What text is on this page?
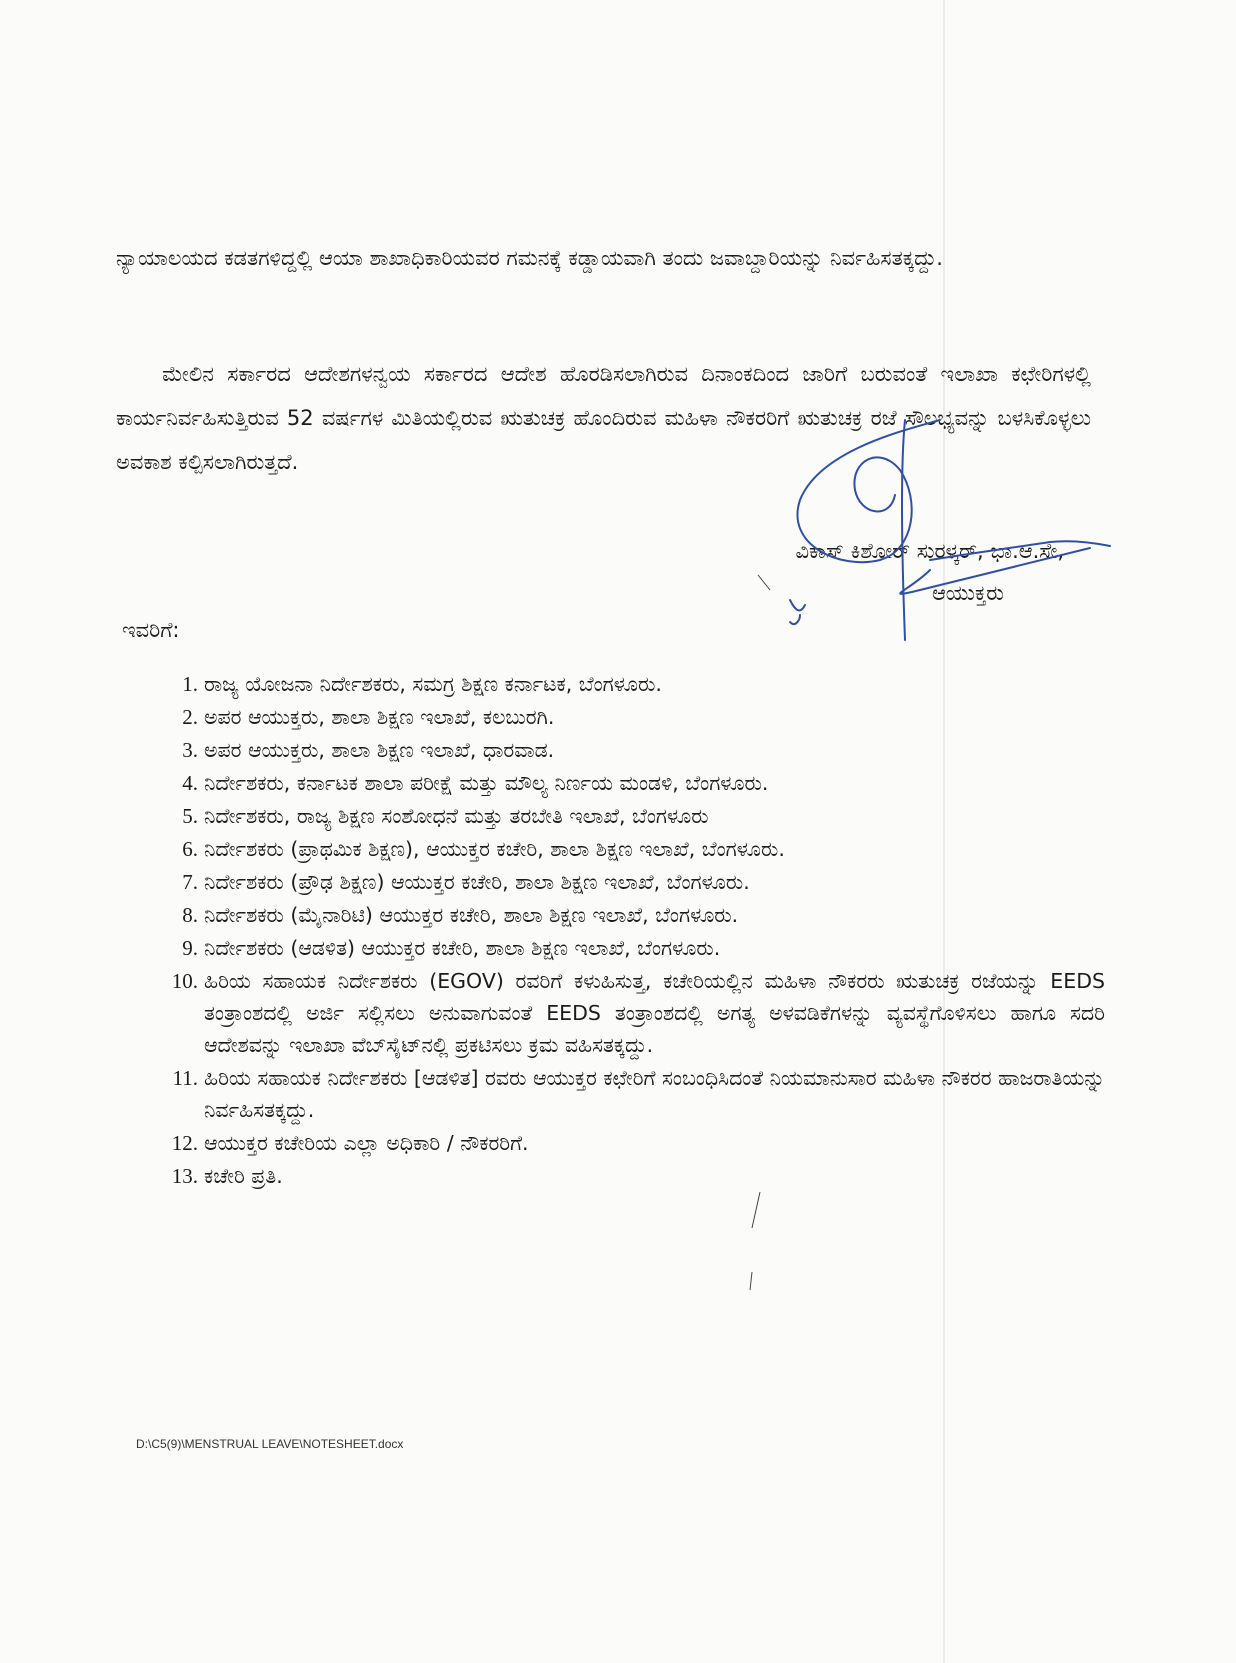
ನ್ಯಾಯಾಲಯದ ಕಡತಗಳಿದ್ದಲ್ಲಿ ಆಯಾ ಶಾಖಾಧಿಕಾರಿಯವರ ಗಮನಕ್ಕೆ ಕಡ್ಡಾಯವಾಗಿ ತಂದು ಜವಾಬ್ದಾರಿಯನ್ನು ನಿರ್ವಹಿಸತಕ್ಕದ್ದು.

ಮೇಲಿನ ಸರ್ಕಾರದ ಆದೇಶಗಳನ್ವಯ ಸರ್ಕಾರದ ಆದೇಶ ಹೊರಡಿಸಲಾಗಿರುವ ದಿನಾಂಕದಿಂದ ಜಾರಿಗೆ ಬರುವಂತೆ ಇಲಾಖಾ ಕಛೇರಿಗಳಲ್ಲಿ ಕಾರ್ಯನಿರ್ವಹಿಸುತ್ತಿರುವ 52 ವರ್ಷಗಳ ಮಿತಿಯಲ್ಲಿರುವ ಋತುಚಕ್ರ ಹೊಂದಿರುವ ಮಹಿಳಾ ನೌಕರರಿಗೆ ಋತುಚಕ್ರ ರಜೆ ಸೌಲಭ್ಯವನ್ನು ಬಳಸಿಕೊಳ್ಳಲು ಅವಕಾಶ ಕಲ್ಪಿಸಲಾಗಿರುತ್ತದೆ.

ವಿಕಾಸ್ ಕಿಶೋರ್ ಸುರಳ್ಕರ್, ಭಾ.ಆ.ಸೇ,
ಆಯುಕ್ತರು
ಇವರಿಗೆ:
1. ರಾಜ್ಯ ಯೋಜನಾ ನಿರ್ದೇಶಕರು, ಸಮಗ್ರ ಶಿಕ್ಷಣ ಕರ್ನಾಟಕ, ಬೆಂಗಳೂರು.
2. ಅಪರ ಆಯುಕ್ತರು, ಶಾಲಾ ಶಿಕ್ಷಣ ಇಲಾಖೆ, ಕಲಬುರಗಿ.
3. ಅಪರ ಆಯುಕ್ತರು, ಶಾಲಾ ಶಿಕ್ಷಣ ಇಲಾಖೆ, ಧಾರವಾಡ.
4. ನಿರ್ದೇಶಕರು, ಕರ್ನಾಟಕ ಶಾಲಾ ಪರೀಕ್ಷೆ ಮತ್ತು ಮೌಲ್ಯ ನಿರ್ಣಯ ಮಂಡಳಿ, ಬೆಂಗಳೂರು.
5. ನಿರ್ದೇಶಕರು, ರಾಜ್ಯ ಶಿಕ್ಷಣ ಸಂಶೋಧನೆ ಮತ್ತು ತರಬೇತಿ ಇಲಾಖೆ, ಬೆಂಗಳೂರು
6. ನಿರ್ದೇಶಕರು (ಪ್ರಾಥಮಿಕ ಶಿಕ್ಷಣ), ಆಯುಕ್ತರ ಕಚೇರಿ, ಶಾಲಾ ಶಿಕ್ಷಣ ಇಲಾಖೆ, ಬೆಂಗಳೂರು.
7. ನಿರ್ದೇಶಕರು (ಪ್ರೌಢ ಶಿಕ್ಷಣ) ಆಯುಕ್ತರ ಕಚೇರಿ, ಶಾಲಾ ಶಿಕ್ಷಣ ಇಲಾಖೆ, ಬೆಂಗಳೂರು.
8. ನಿರ್ದೇಶಕರು (ಮೈನಾರಿಟಿ) ಆಯುಕ್ತರ ಕಚೇರಿ, ಶಾಲಾ ಶಿಕ್ಷಣ ಇಲಾಖೆ, ಬೆಂಗಳೂರು.
9. ನಿರ್ದೇಶಕರು (ಆಡಳಿತ) ಆಯುಕ್ತರ ಕಚೇರಿ, ಶಾಲಾ ಶಿಕ್ಷಣ ಇಲಾಖೆ, ಬೆಂಗಳೂರು.
10. ಹಿರಿಯ ಸಹಾಯಕ ನಿರ್ದೇಶಕರು (EGOV) ರವರಿಗೆ ಕಳುಹಿಸುತ್ತ, ಕಚೇರಿಯಲ್ಲಿನ ಮಹಿಳಾ ನೌಕರರು ಋತುಚಕ್ರ ರಜೆಯನ್ನು EEDS ತಂತ್ರಾಂಶದಲ್ಲಿ ಅರ್ಜಿ ಸಲ್ಲಿಸಲು ಅನುವಾಗುವಂತೆ EEDS ತಂತ್ರಾಂಶದಲ್ಲಿ ಅಗತ್ಯ ಅಳವಡಿಕೆಗಳನ್ನು ವ್ಯವಸ್ಥೆಗೊಳಿಸಲು ಹಾಗೂ ಸದರಿ ಆದೇಶವನ್ನು ಇಲಾಖಾ ವೆಬ್‌ಸೈಟ್‌ನಲ್ಲಿ ಪ್ರಕಟಿಸಲು ಕ್ರಮ ವಹಿಸತಕ್ಕದ್ದು.
11. ಹಿರಿಯ ಸಹಾಯಕ ನಿರ್ದೇಶಕರು [ಆಡಳಿತ] ರವರು ಆಯುಕ್ತರ ಕಛೇರಿಗೆ ಸಂಬಂಧಿಸಿದಂತೆ ನಿಯಮಾನುಸಾರ ಮಹಿಳಾ ನೌಕರರ ಹಾಜರಾತಿಯನ್ನು ನಿರ್ವಹಿಸತಕ್ಕದ್ದು.
12. ಆಯುಕ್ತರ ಕಚೇರಿಯ ಎಲ್ಲಾ ಅಧಿಕಾರಿ / ನೌಕರರಿಗೆ.
13. ಕಚೇರಿ ಪ್ರತಿ.
D:\C5(9)\MENSTRUAL LEAVE\NOTESHEET.docx
